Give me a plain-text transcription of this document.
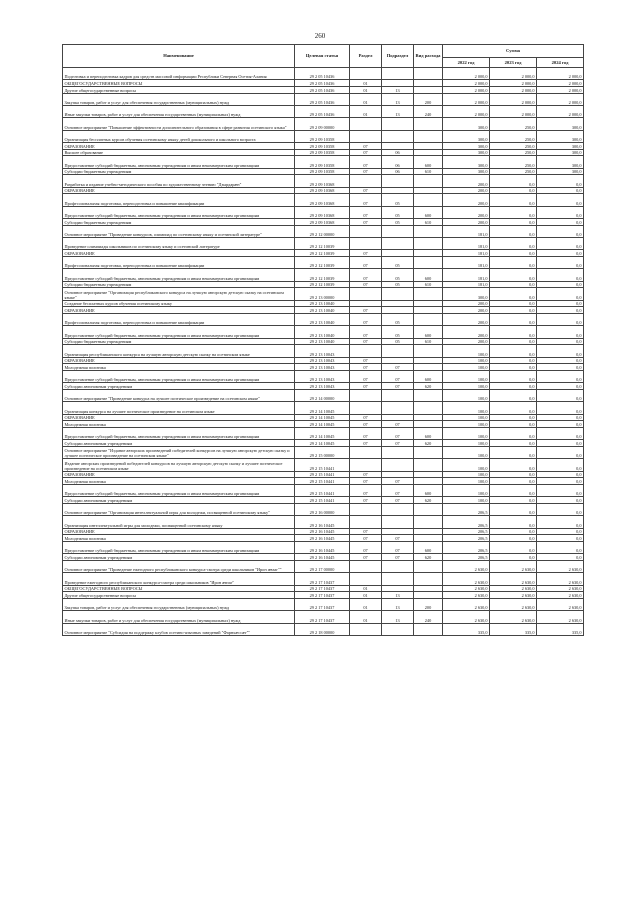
260
Наименование	Целевая статья	Раздел	Подраздел	Вид расхода	Сумма		
					2022 год	2023 год	2024 год
Подготовка и переподготовка кадров для средств массовой информации Республики Северная Осетия-Алания	29 2 05 10436				2 000,0	2 000,0	2 000,0
ОБЩЕГОСУДАРСТВЕННЫЕ ВОПРОСЫ	29 2 05 10436	01			2 000,0	2 000,0	2 000,0
Другие общегосударственные вопросы	29 2 05 10436	01	13		2 000,0	2 000,0	2 000,0
Закупка товаров, работ и услуг для обеспечения государственных (муниципальных) нужд	29 2 05 10436	01	13	200	2 000,0	2 000,0	2 000,0
Иные закупки товаров, работ и услуг для обеспечения государственных (муниципальных) нужд	29 2 05 10436	01	13	240	2 000,0	2 000,0	2 000,0
Основное мероприятие "Повышение эффективности дополнительного образования в сфере развития осетинского языка"	29 2 09 00000				300,0	250,0	300,0
Организация бесплатных курсов обучения осетинскому языку детей дошкольного и школьного возраста	29 2 09 10358				300,0	250,0	300,0
ОБРАЗОВАНИЕ	29 2 09 10358	07			300,0	250,0	300,0
Высшее образование	29 2 09 10358	07	06		300,0	250,0	300,0
Предоставление субсидий бюджетным, автономным учреждениям и иным некоммерческим организациям	29 2 09 10358	07	06	600	300,0	250,0	300,0
Субсидии бюджетным учреждениям	29 2 09 10358	07	06	610	300,0	250,0	300,0
Разработка и издание учебно-методического пособия по художественному чтению "Дзырдарæн"	29 2 09 10368				200,0	0,0	0,0
ОБРАЗОВАНИЕ	29 2 09 10368	07			200,0	0,0	0,0
Профессиональная подготовка, переподготовка и повышение квалификации	29 2 09 10368	07	05		200,0	0,0	0,0
Предоставление субсидий бюджетным, автономным учреждениям и иным некоммерческим организациям	29 2 09 10368	07	05	600	200,0	0,0	0,0
Субсидии бюджетным учреждениям	29 2 09 10368	07	05	610	200,0	0,0	0,0
Основное мероприятие "Проведение конкурсов, олимпиад по осетинскому языку и осетинской литературе"	29 2 12 00000				181,0	0,0	0,0
Проведение олимпиады школьников по осетинскому языку и осетинской литературе	29 2 12 10039				181,0	0,0	0,0
ОБРАЗОВАНИЕ	29 2 12 10039	07			181,0	0,0	0,0
Профессиональная подготовка, переподготовка и повышение квалификации	29 2 12 10039	07	05		181,0	0,0	0,0
Предоставление субсидий бюджетным, автономным учреждениям и иным некоммерческим организациям	29 2 12 10039	07	05	600	181,0	0,0	0,0
Субсидии бюджетным учреждениям	29 2 12 10039	07	05	610	181,0	0,0	0,0
Основное мероприятие "Организация республиканского конкурса на лучшую авторскую детскую сказку на осетинском языке"	29 2 13 00000				300,0	0,0	0,0
Создание бесплатных курсов обучения осетинскому языку	29 2 13 10040				200,0	0,0	0,0
ОБРАЗОВАНИЕ	29 2 13 10040	07			200,0	0,0	0,0
Профессиональная подготовка, переподготовка и повышение квалификации	29 2 13 10040	07	05		200,0	0,0	0,0
Предоставление субсидий бюджетным, автономным учреждениям и иным некоммерческим организациям	29 2 13 10040	07	05	600	200,0	0,0	0,0
Субсидии бюджетным учреждениям	29 2 13 10040	07	05	610	200,0	0,0	0,0
Организация республиканского конкурса на лучшую авторскую детскую сказку на осетинском языке	29 2 13 10043				100,0	0,0	0,0
ОБРАЗОВАНИЕ	29 2 13 10043	07			100,0	0,0	0,0
Молодежная политика	29 2 13 10043	07	07		100,0	0,0	0,0
Предоставление субсидий бюджетным, автономным учреждениям и иным некоммерческим организациям	29 2 13 10043	07	07	600	100,0	0,0	0,0
Субсидии автономным учреждениям	29 2 13 10043	07	07	620	100,0	0,0	0,0
Основное мероприятие "Проведение конкурса на лучшее поэтическое произведение на осетинском языке"	29 2 14 00000				100,0	0,0	0,0
Организация конкурса на лучшее поэтическое произведение на осетинском языке	29 2 14 10045				100,0	0,0	0,0
ОБРАЗОВАНИЕ	29 2 14 10045	07			100,0	0,0	0,0
Молодежная политика	29 2 14 10045	07	07		100,0	0,0	0,0
Предоставление субсидий бюджетным, автономным учреждениям и иным некоммерческим организациям	29 2 14 10045	07	07	600	100,0	0,0	0,0
Субсидии автономным учреждениям	29 2 14 10045	07	07	620	100,0	0,0	0,0
Основное мероприятие "Издание авторских произведений победителей конкурсов на лучшую авторскую детскую сказку и лучшее поэтическое произведение на осетинском языке"	29 2 15 00000				100,0	0,0	0,0
Издание авторских произведений победителей конкурсов на лучшую авторскую детскую сказку и лучшее поэтическое произведение на осетинском языке	29 2 15 10441				100,0	0,0	0,0
ОБРАЗОВАНИЕ	29 2 15 10441	07			100,0	0,0	0,0
Молодежная политика	29 2 15 10441	07	07		100,0	0,0	0,0
Предоставление субсидий бюджетным, автономным учреждениям и иным некоммерческим организациям	29 2 15 10441	07	07	600	100,0	0,0	0,0
Субсидии автономным учреждениям	29 2 15 10441	07	07	620	100,0	0,0	0,0
Основное мероприятие "Организация интеллектуальной игры для молодежи, посвященной осетинскому языку"	29 2 16 00000				206,5	0,0	0,0
Организация интеллектуальной игры для молодежи, посвященной осетинскому языку	29 2 16 10445				206,5	0,0	0,0
ОБРАЗОВАНИЕ	29 2 16 10445	07			206,5	0,0	0,0
Молодежная политика	29 2 16 10445	07	07		206,5	0,0	0,0
Предоставление субсидий бюджетным, автономным учреждениям и иным некоммерческим организациям	29 2 16 10445	07	07	600	206,5	0,0	0,0
Субсидии автономным учреждениям	29 2 16 10445	07	07	620	206,5	0,0	0,0
Основное мероприятие "Проведение ежегодного республиканского конкурса-смотра среди школьников "Ирон æвзаг""	29 2 17 00000				2 630,0	2 630,0	2 630,0
Проведение ежегодного республиканского конкурса-смотра среди школьников "Ирон æвзаг"	29 2 17 10437				2 630,0	2 630,0	2 630,0
ОБЩЕГОСУДАРСТВЕННЫЕ ВОПРОСЫ	29 2 17 10437	01			2 630,0	2 630,0	2 630,0
Другие общегосударственные вопросы	29 2 17 10437	01	13		2 630,0	2 630,0	2 630,0
Закупка товаров, работ и услуг для обеспечения государственных (муниципальных) нужд	29 2 17 10437	01	13	200	2 630,0	2 630,0	2 630,0
Иные закупки товаров, работ и услуг для обеспечения государственных (муниципальных) нужд	29 2 17 10437	01	13	240	2 630,0	2 630,0	2 630,0
Основное мероприятие "Субсидия на поддержку клубов осетино-язычных заведений "Фарнхæссæг""	29 2 18 00000				335,0	335,0	335,0
